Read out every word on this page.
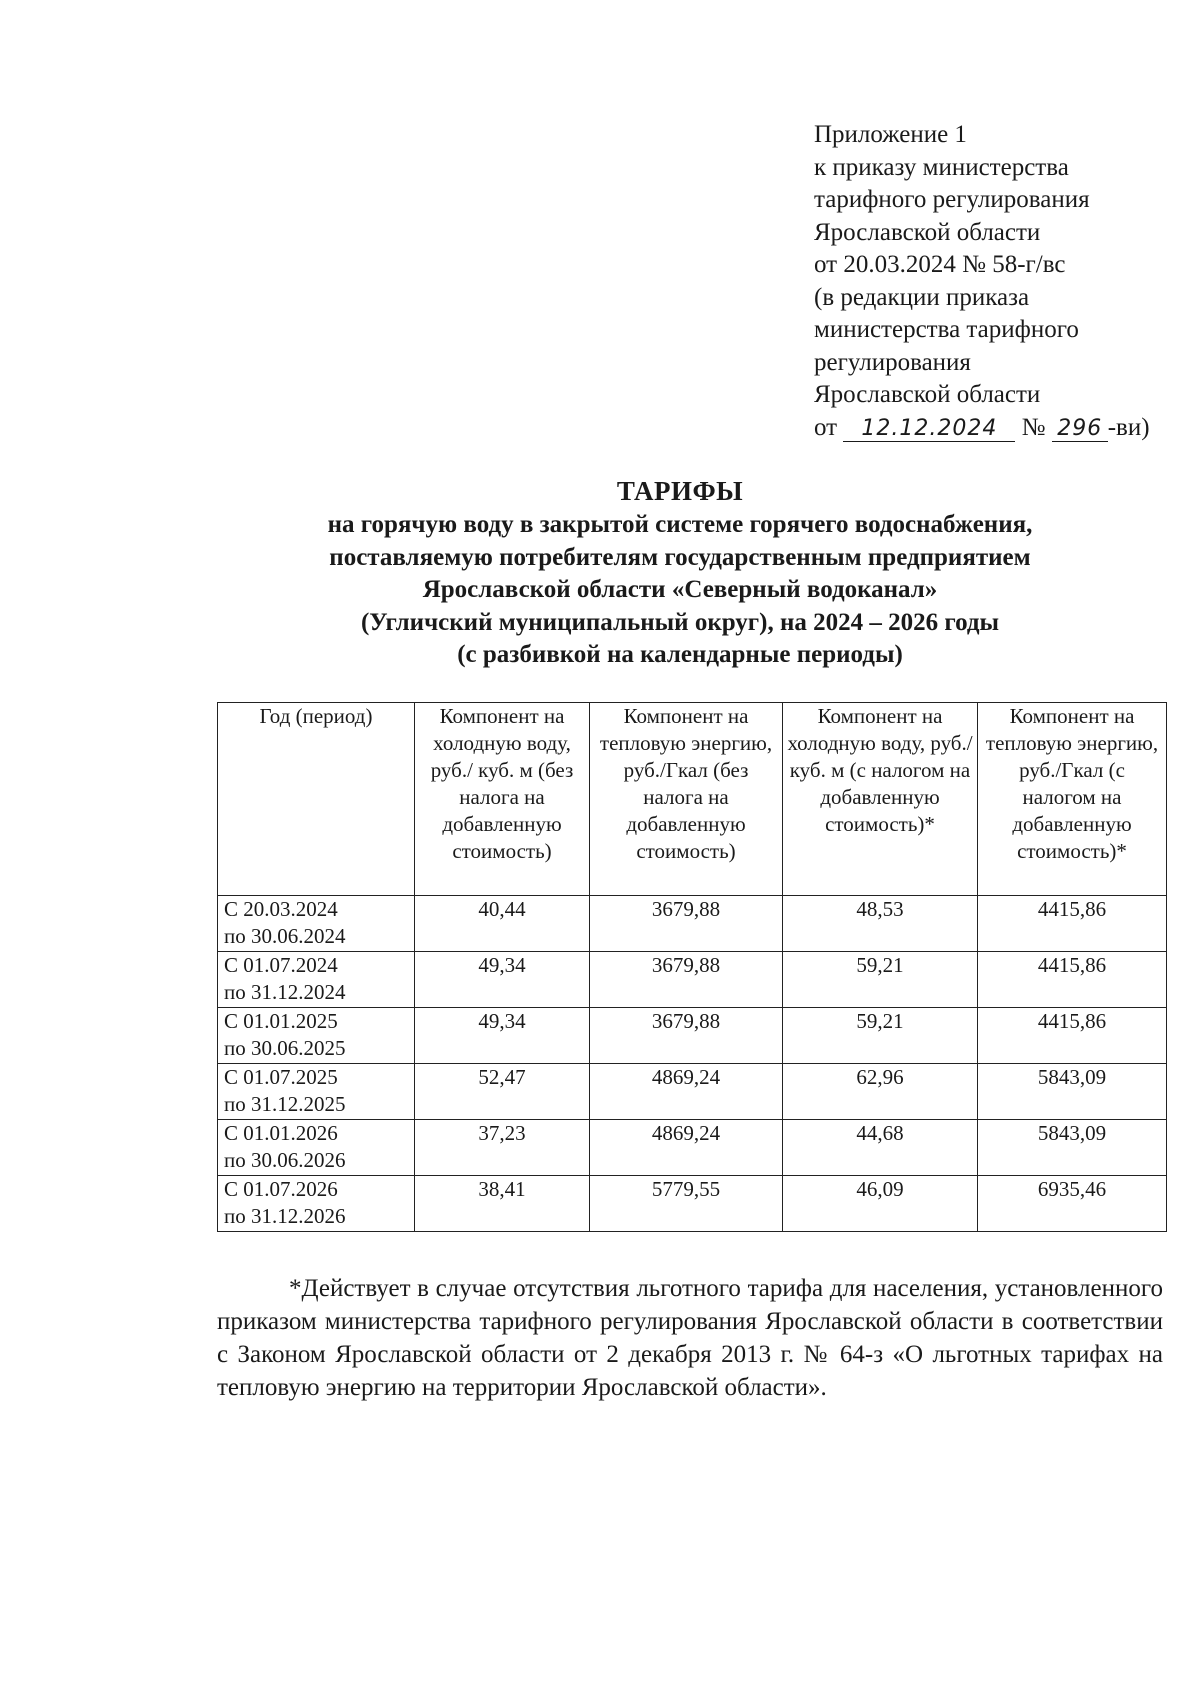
Приложение 1
к приказу министерства
тарифного регулирования
Ярославской области
от 20.03.2024 № 58-г/вс
(в редакции приказа
министерства тарифного
регулирования
Ярославской области
от 12.12.2024 № 296 -ви)
ТАРИФЫ
на горячую воду в закрытой системе горячего водоснабжения,
поставляемую потребителям государственным предприятием
Ярославской области «Северный водоканал»
(Угличский муниципальный округ), на 2024 – 2026 годы
(с разбивкой на календарные периоды)
Год (период)	Компонент на холодную воду, руб./ куб. м (без налога на добавленную стоимость)	Компонент на тепловую энергию, руб./Гкал (без налога на добавленную стоимость)	Компонент на холодную воду, руб./ куб. м (с налогом на добавленную стоимость)*	Компонент на тепловую энергию, руб./Гкал (с налогом на добавленную стоимость)*

С 20.03.2024
по 30.06.2024	40,44	3679,88	48,53	4415,86

С 01.07.2024
по 31.12.2024	49,34	3679,88	59,21	4415,86

С 01.01.2025
по 30.06.2025	49,34	3679,88	59,21	4415,86

С 01.07.2025
по 31.12.2025	52,47	4869,24	62,96	5843,09

С 01.01.2026
по 30.06.2026	37,23	4869,24	44,68	5843,09

С 01.07.2026
по 31.12.2026	38,41	5779,55	46,09	6935,46
*Действует в случае отсутствия льготного тарифа для населения, установленного приказом министерства тарифного регулирования Ярославской области в соответствии с Законом Ярославской области от 2 декабря 2013 г. № 64-з «О льготных тарифах на тепловую энергию на территории Ярославской области».
